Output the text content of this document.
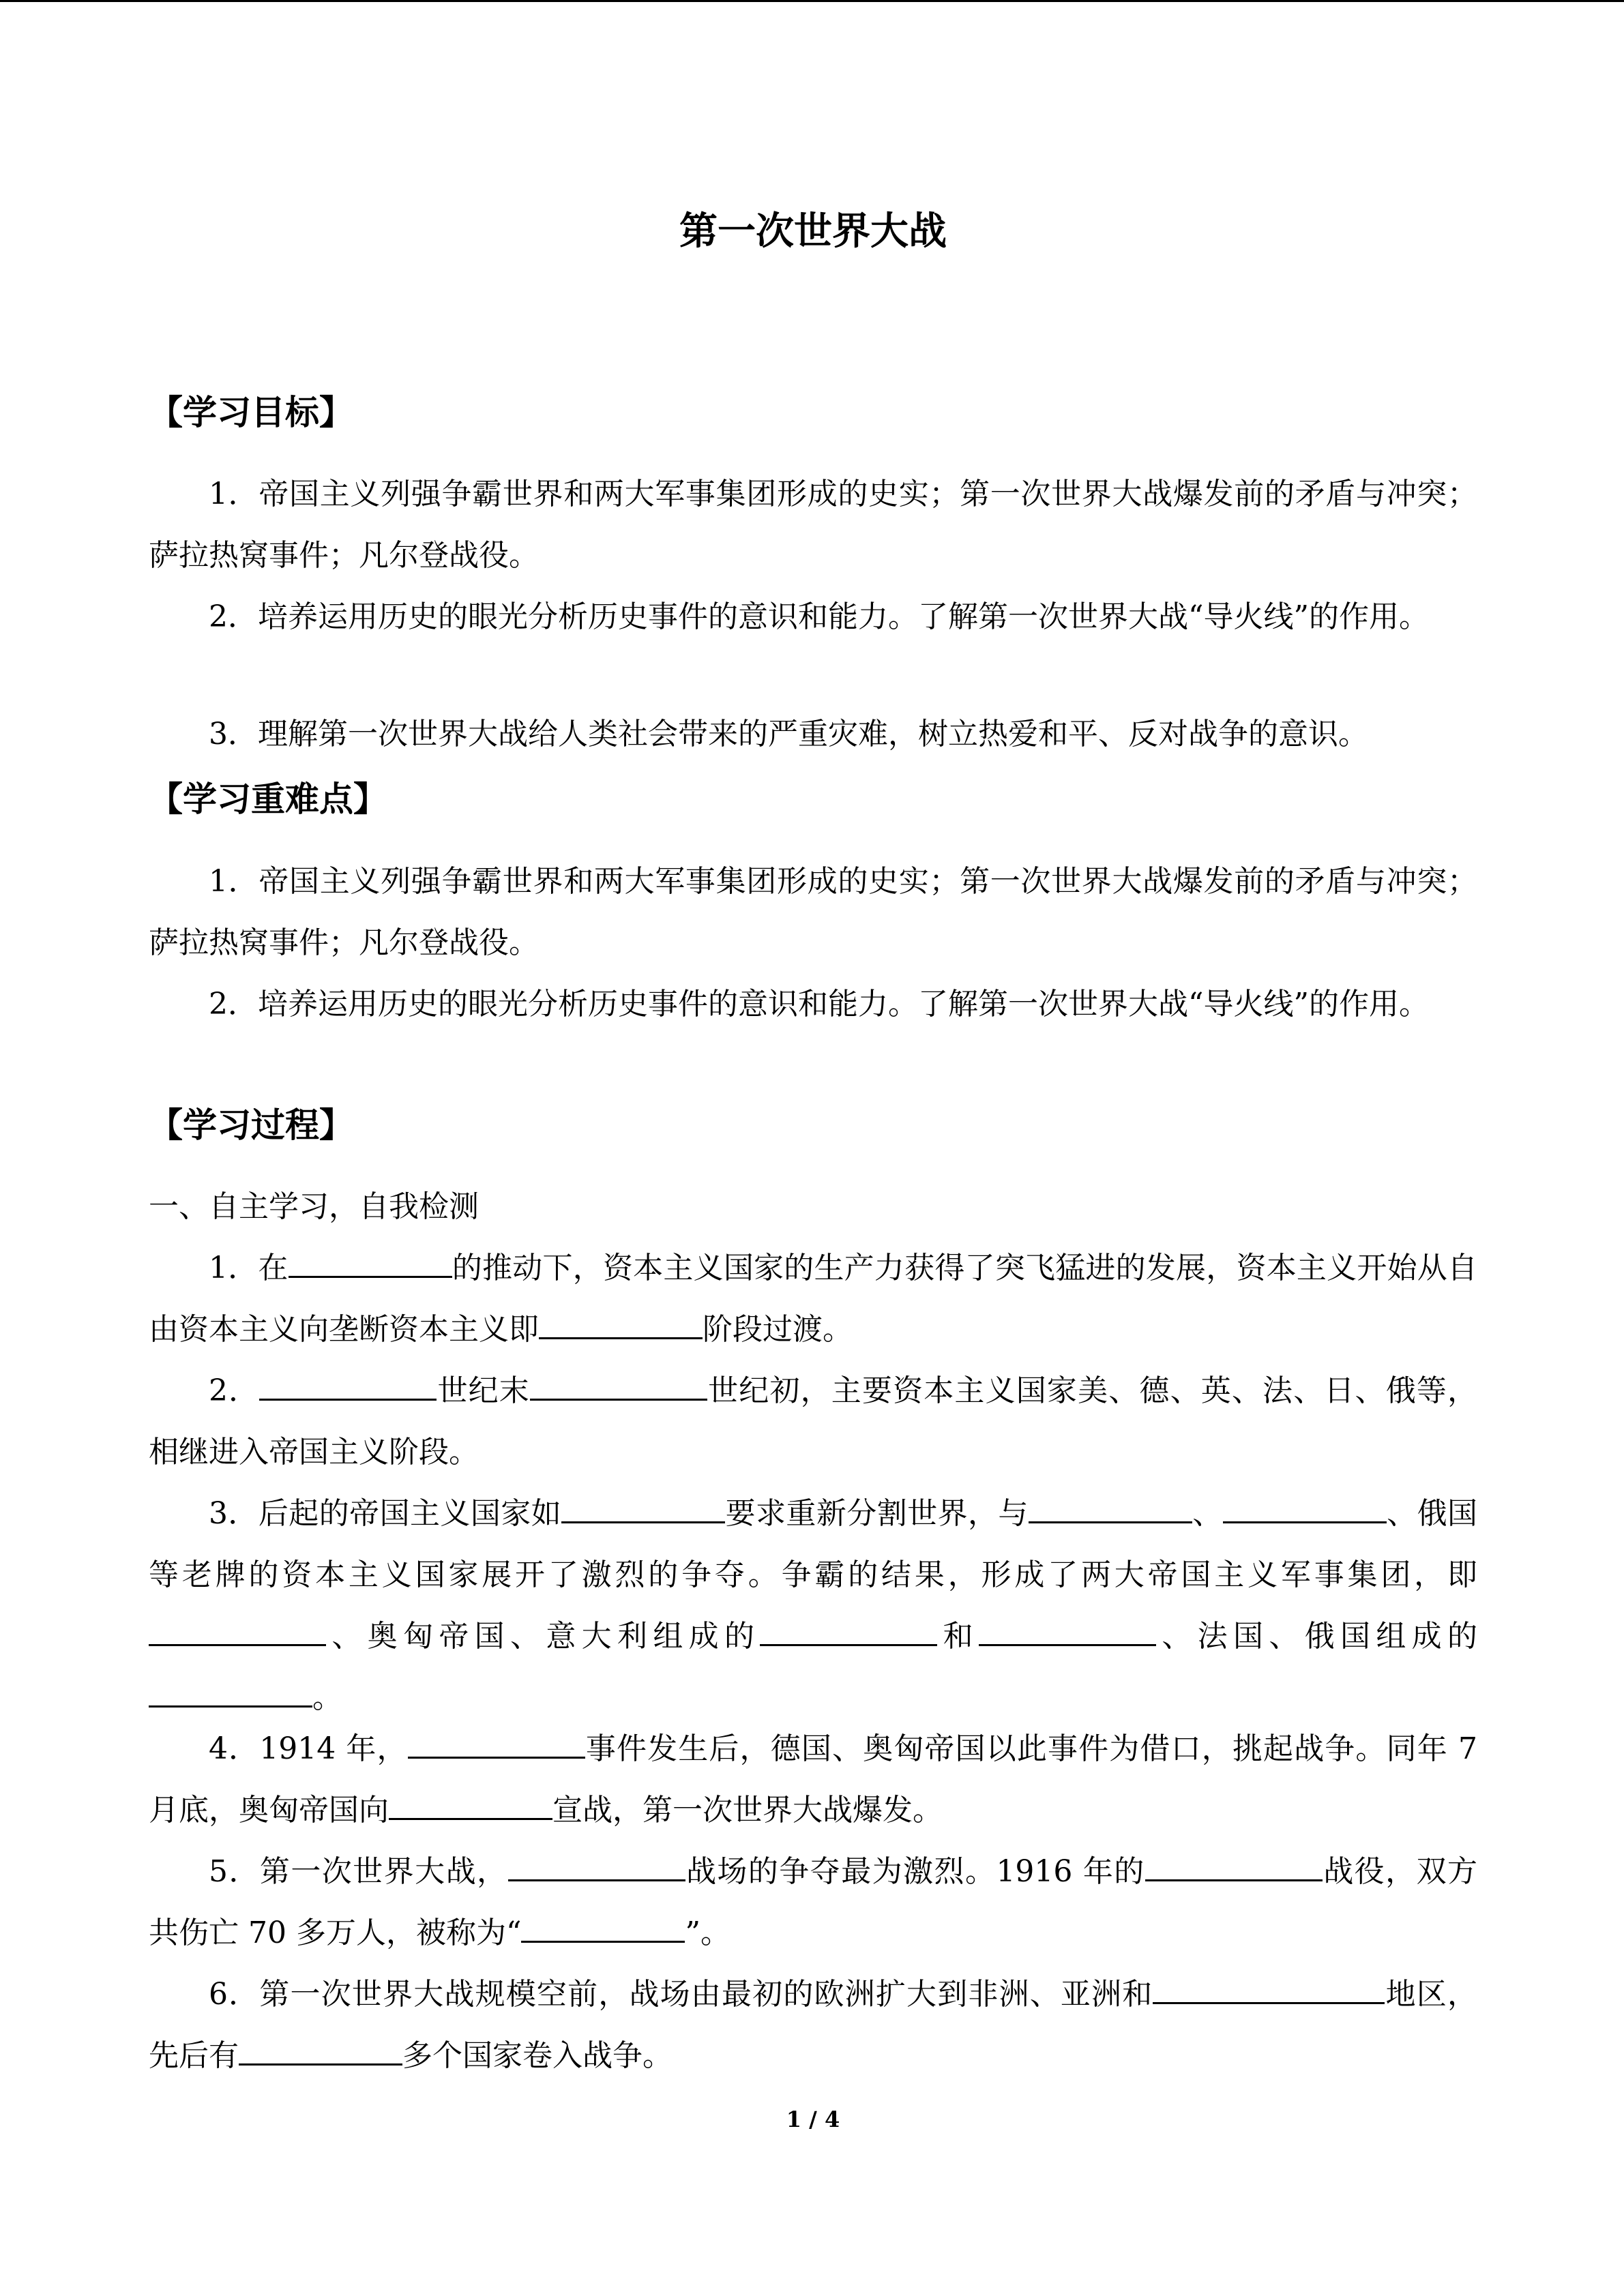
第一次世界大战
【学习目标】
1．帝国主义列强争霸世界和两大军事集团形成的史实；第一次世界大战爆发前的矛盾与冲突；萨拉热窝事件；凡尔登战役。
2．培养运用历史的眼光分析历史事件的意识和能力。了解第一次世界大战“导火线”的作用。
3．理解第一次世界大战给人类社会带来的严重灾难，树立热爱和平、反对战争的意识。
【学习重难点】
1．帝国主义列强争霸世界和两大军事集团形成的史实；第一次世界大战爆发前的矛盾与冲突；萨拉热窝事件；凡尔登战役。
2．培养运用历史的眼光分析历史事件的意识和能力。了解第一次世界大战“导火线”的作用。
【学习过程】
一、自主学习，自我检测
1．在	的推动下，资本主义国家的生产力获得了突飞猛进的发展，资本主义开始从自由资本主义向垄断资本主义即	阶段过渡。
2．	世纪末	世纪初，主要资本主义国家美、德、英、法、日、俄等，相继进入帝国主义阶段。
3．后起的帝国主义国家如	要求重新分割世界，与	、	、俄国等老牌的资本主义国家展开了激烈的争夺。争霸的结果，形成了两大帝国主义军事集团，即、奥匈帝国、意大利组成的	和	、法国、俄国组成的。
4．1914 年，	事件发生后，德国、奥匈帝国以此事件为借口，挑起战争。同年 7 月底，奥匈帝国向	宣战，第一次世界大战爆发。
5．第一次世界大战，	战场的争夺最为激烈。1916 年的	战役，双方共伤亡 70 多万人，被称为“	”。
6．第一次世界大战规模空前，战场由最初的欧洲扩大到非洲、亚洲和	地区，先后有	多个国家卷入战争。
1 / 4
